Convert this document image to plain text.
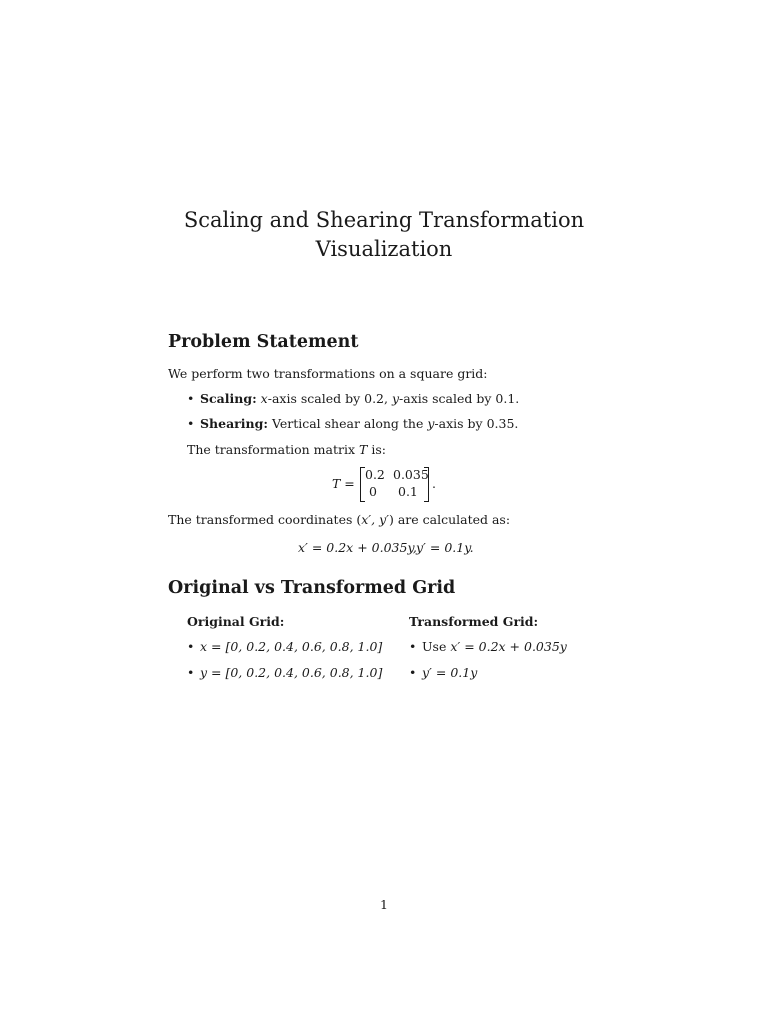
Scaling and Shearing Transformation
Visualization
Problem Statement
We perform two transformations on a square grid:
• Scaling: x-axis scaled by 0.2, y-axis scaled by 0.1.
• Shearing: Vertical shear along the y-axis by 0.35.
The transformation matrix T is:
T =
0.2 0.035
0 0.1
.
The transformed coordinates (x′, y′) are calculated as:
x′ = 0.2x + 0.035y, y′ = 0.1y.
Original vs Transformed Grid
Original Grid:	Transformed Grid:
• x = [0, 0.2, 0.4, 0.6, 0.8, 1.0]
• y = [0, 0.2, 0.4, 0.6, 0.8, 1.0]
• Use x′ = 0.2x + 0.035y
• y′ = 0.1y
1
